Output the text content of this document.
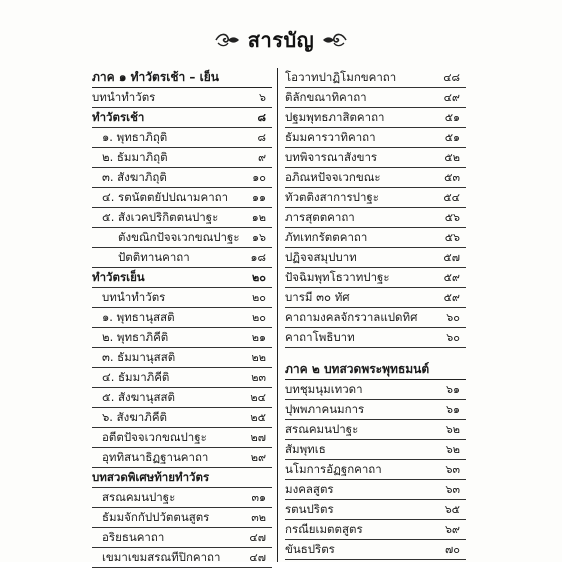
สารบัญ
ภาค ๑ ทำวัตรเช้า – เย็น
บทนำทำวัตร	๖
ทำวัตรเช้า	๘
๑. พุทธาภิถุติ	๘
๒. ธัมมาภิถุติ	๙
๓. สังฆาภิถุติ	๑๐
๔. รตนัตตยัปปณามคาถา	๑๑
๕. สังเวคปริกิตตนปาฐะ	๑๒
ตังขณิกปัจจเวกขณปาฐะ	๑๖
ปัตติทานคาถา	๑๘
ทำวัตรเย็น	๒๐
บทนำทำวัตร	๒๐
๑. พุทธานุสสติ	๒๐
๒. พุทธาภิคีติ	๒๑
๓. ธัมมานุสสติ	๒๒
๔. ธัมมาภิคีติ	๒๓
๕. สังฆานุสสติ	๒๔
๖. สังฆาภิคีติ	๒๕
อตีตปัจจเวกขณปาฐะ	๒๗
อุททิสนาธิฏฐานคาถา	๒๙
บทสวดพิเศษท้ายทำวัตร
สรณคมนปาฐะ	๓๑
ธัมมจักกัปปวัตตนสูตร	๓๒
อริยธนคาถา	๔๗
เขมาเขมสรณทีปิกคาถา	๔๗
โอวาทปาฏิโมกขคาถา	๔๘
ติลักขณาทิคาถา	๔๙
ปฐมพุทธภาสิตคาถา	๕๑
ธัมมคารวาทิคาถา	๕๑
บทพิจารณาสังขาร	๕๒
อภิณหปัจจเวกขณะ	๕๓
ทัวตติงสาการปาฐะ	๕๔
ภารสุตตคาถา	๕๖
ภัทเทกรัตตคาถา	๕๖
ปฏิจจสมุปบาท	๕๗
ปัจฉิมพุทโธวาทปาฐะ	๕๙
บารมี ๓๐ ทัศ	๕๙
คาถามงคลจักรวาลแปดทิศ	๖๐
คาถาโพธิบาท	๖๐
ภาค ๒ บทสวดพระพุทธมนต์
บทชุมนุมเทวดา	๖๑
ปุพพภาคนมการ	๖๑
สรณคมนปาฐะ	๖๒
สัมพุทเธ	๖๒
นโมการอัฏฐกคาถา	๖๓
มงคลสูตร	๖๓
รตนปริตร	๖๕
กรณียเมตตสูตร	๖๙
ขันธปริตร	๗๐
